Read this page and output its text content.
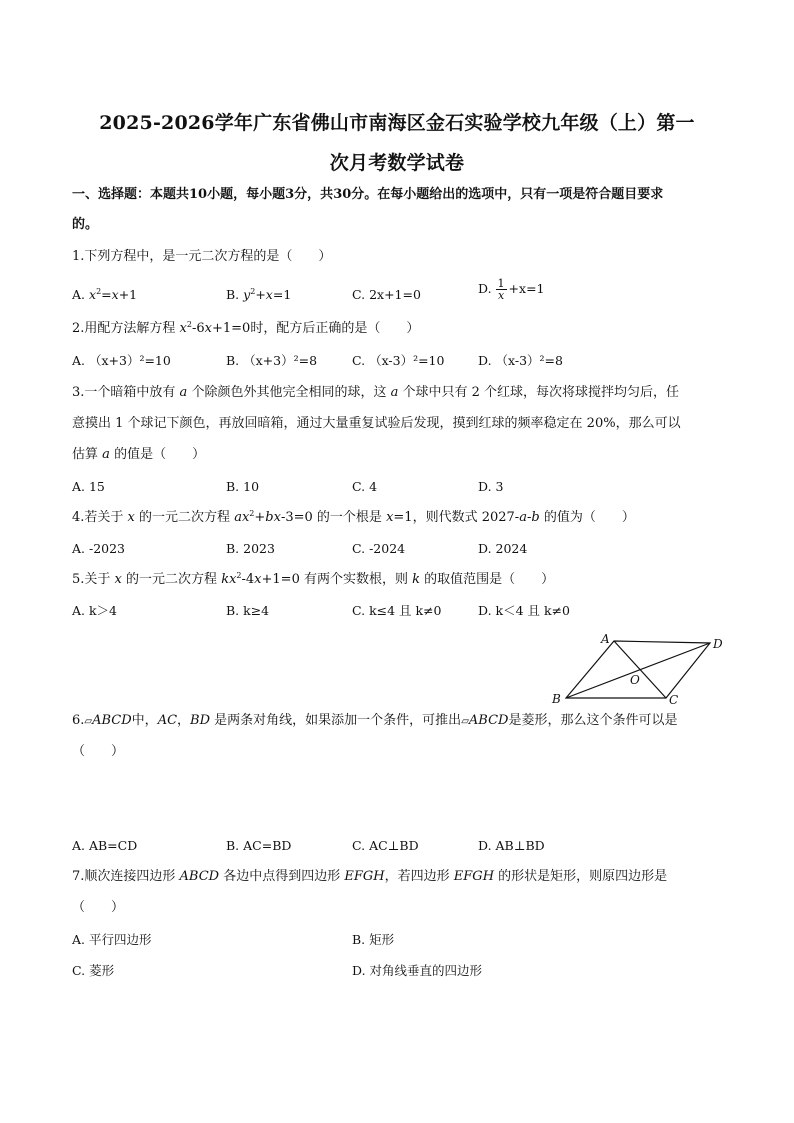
2025-2026学年广东省佛山市南海区金石实验学校九年级（上）第一
次月考数学试卷
一、选择题：本题共10小题，每小题3分，共30分。在每小题给出的选项中，只有一项是符合题目要求
的。
1.下列方程中，是一元二次方程的是（　　）
A. $x^2=x+1$	B. $y^2+x=1$	C. 2x+1=0	D. $\frac{1}{x} +x=1$
2.用配方法解方程 $x^2-6x+1=0$时，配方后正确的是（　　）
A. （x+3）²=10	B. （x+3）²=8	C. （x-3）²=10	D. （x-3）²=8
3.一个暗箱中放有 a 个除颜色外其他完全相同的球，这 a 个球中只有 2 个红球，每次将球搅拌均匀后，任
意摸出 1 个球记下颜色，再放回暗箱，通过大量重复试验后发现，摸到红球的频率稳定在 20%，那么可以
估算 a 的值是（　　）
A. 15	B. 10	C. 4	D. 3
4.若关于 x 的一元二次方程 $ax^2+bx-3=0$ 的一个根是 x=1，则代数式 2027-a-b 的值为（　　）
A. -2023	B. 2023	C. -2024	D. 2024
5.关于 x 的一元二次方程 $kx^2-4x+1=0$ 有两个实数根，则 k 的取值范围是（　　）
A. k＞4	B. k≥4	C. k≤4 且 k≠0	D. k＜4 且 k≠0
A
B	C
D
O
6.▱ABCD中，AC，BD 是两条对角线，如果添加一个条件，可推出▱ABCD是菱形，那么这个条件可以是
（　　）
A. AB=CD	B. AC=BD	C. AC⊥BD	D. AB⊥BD
7.顺次连接四边形 ABCD 各边中点得到四边形 EFGH，若四边形 EFGH 的形状是矩形，则原四边形是
（　　）
A. 平行四边形	B. 矩形
C. 菱形	D. 对角线垂直的四边形
